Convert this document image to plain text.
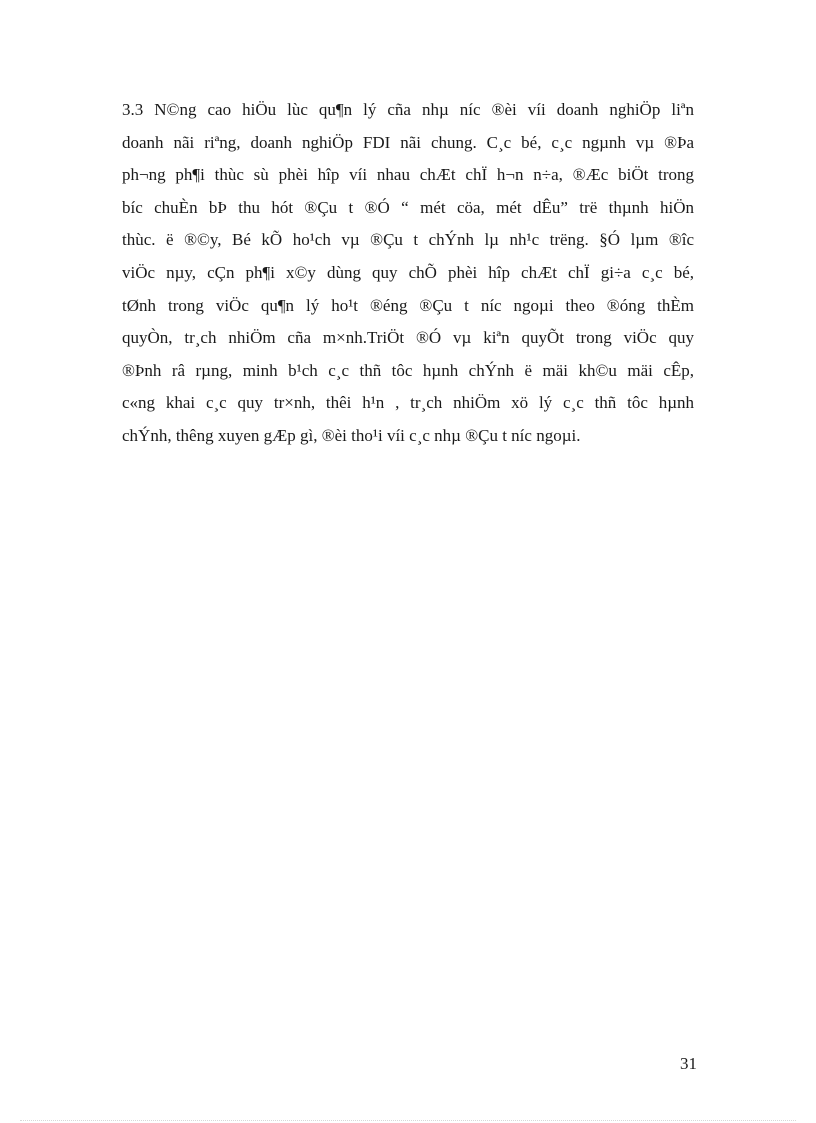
3.3 N©ng cao hiÖu lùc qu¶n lý cña nhµ níc ®èi víi doanh nghiÖp liªn
doanh nãi riªng, doanh nghiÖp FDI nãi chung. C¸c bé, c¸c ngµnh vµ ®Þa
ph¬ng ph¶i thùc sù phèi hîp víi nhau chÆt chÏ h¬n n÷a, ®Æc biÖt trong
bíc chuÈn bÞ thu hót ®Çu t ®Ó “ mét cöa, mét dÊu” trë thµnh hiÖn
thùc. ë ®©y, Bé kÕ ho¹ch vµ ®Çu t chÝnh lµ nh¹c trëng. §Ó lµm ®îc
viÖc nµy, cÇn ph¶i x©y dùng quy chÕ phèi hîp chÆt chÏ gi÷a c¸c bé,
tØnh trong viÖc qu¶n lý ho¹t ®éng ®Çu t níc ngoµi theo ®óng thÈm
quyÒn, tr¸ch nhiÖm cña m×nh.TriÖt ®Ó vµ kiªn quyÕt trong viÖc quy
®Þnh râ rµng, minh b¹ch c¸c thñ tôc hµnh chÝnh ë mäi kh©u mäi cÊp,
c«ng khai c¸c quy tr×nh, thêi h¹n , tr¸ch nhiÖm xö lý c¸c thñ tôc hµnh
chÝnh, thêng xuyen gÆp gì, ®èi tho¹i víi c¸c nhµ ®Çu t níc ngoµi.
31
